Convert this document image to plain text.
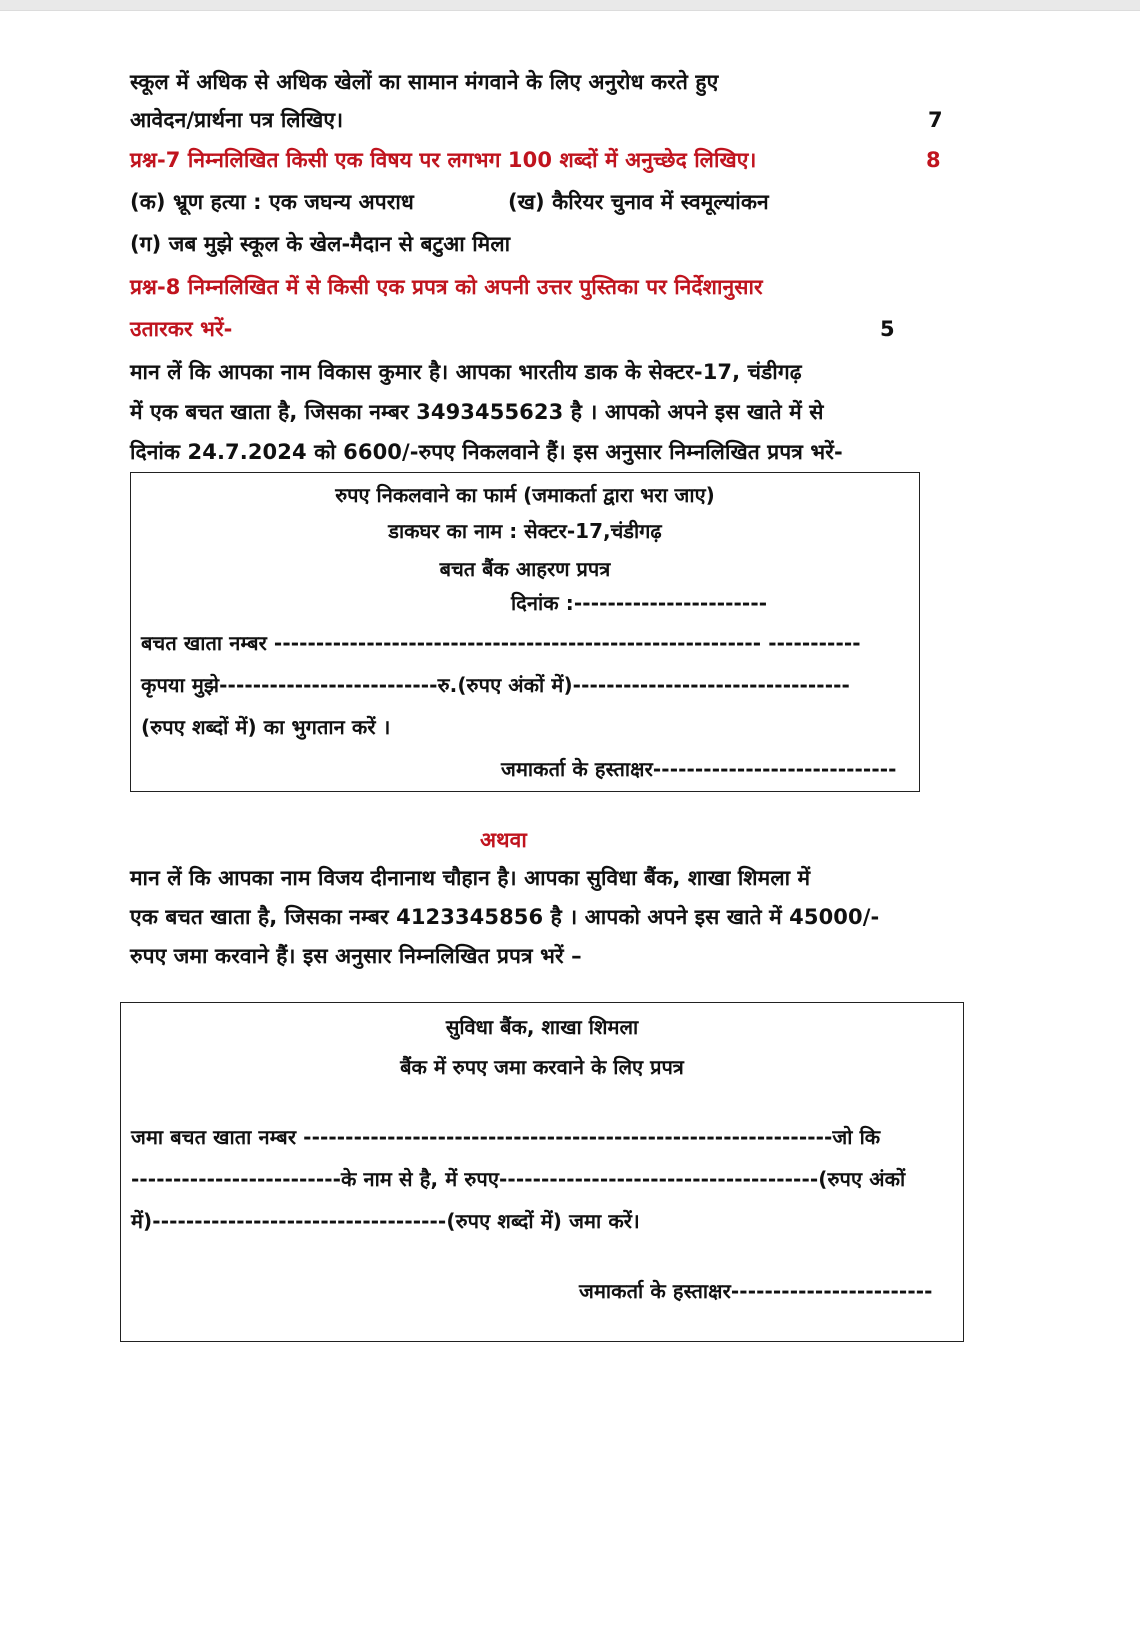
स्कूल में अधिक से अधिक खेलों का सामान मंगवाने के लिए अनुरोध करते हुए
आवेदन/प्रार्थना पत्र लिखिए।	7
प्रश्न-7 निम्नलिखित किसी एक विषय पर लगभग 100 शब्दों में अनुच्छेद लिखिए।	8
(क) भ्रूण हत्या : एक जघन्य अपराध	(ख) कैरियर चुनाव में स्वमूल्यांकन
(ग) जब मुझे स्कूल के खेल-मैदान से बटुआ मिला
प्रश्न-8 निम्नलिखित में से किसी एक प्रपत्र को अपनी उत्तर पुस्तिका पर निर्देशानुसार
उतारकर भरें-	5
मान लें कि आपका नाम विकास कुमार है। आपका भारतीय डाक के सेक्टर-17, चंडीगढ़
में एक बचत खाता है, जिसका नम्बर 3493455623 है । आपको अपने इस खाते में से
दिनांक 24.7.2024 को 6600/-रुपए निकलवाने हैं। इस अनुसार निम्नलिखित प्रपत्र भरें-
रुपए निकलवाने का फार्म (जमाकर्ता द्वारा भरा जाए)
डाकघर का नाम : सेक्टर-17,चंडीगढ़
बचत बैंक आहरण प्रपत्र
दिनांक :-----------------------
बचत खाता नम्बर ---------------------------------------------------------- -----------
कृपया मुझे--------------------------रु.(रुपए अंकों में)---------------------------------
(रुपए शब्दों में) का भुगतान करें ।
जमाकर्ता के हस्ताक्षर-----------------------------
अथवा
मान लें कि आपका नाम विजय दीनानाथ चौहान है। आपका सुविधा बैंक, शाखा शिमला में
एक बचत खाता है, जिसका नम्बर 4123345856 है । आपको अपने इस खाते में 45000/-
रुपए जमा करवाने हैं। इस अनुसार निम्नलिखित प्रपत्र भरें –
सुविधा बैंक, शाखा शिमला
बैंक में रुपए जमा करवाने के लिए प्रपत्र
जमा बचत खाता नम्बर ---------------------------------------------------------------जो कि
-------------------------के नाम से है, में रुपए--------------------------------------(रुपए अंकों
में)-----------------------------------(रुपए शब्दों में) जमा करें।
जमाकर्ता के हस्ताक्षर------------------------
